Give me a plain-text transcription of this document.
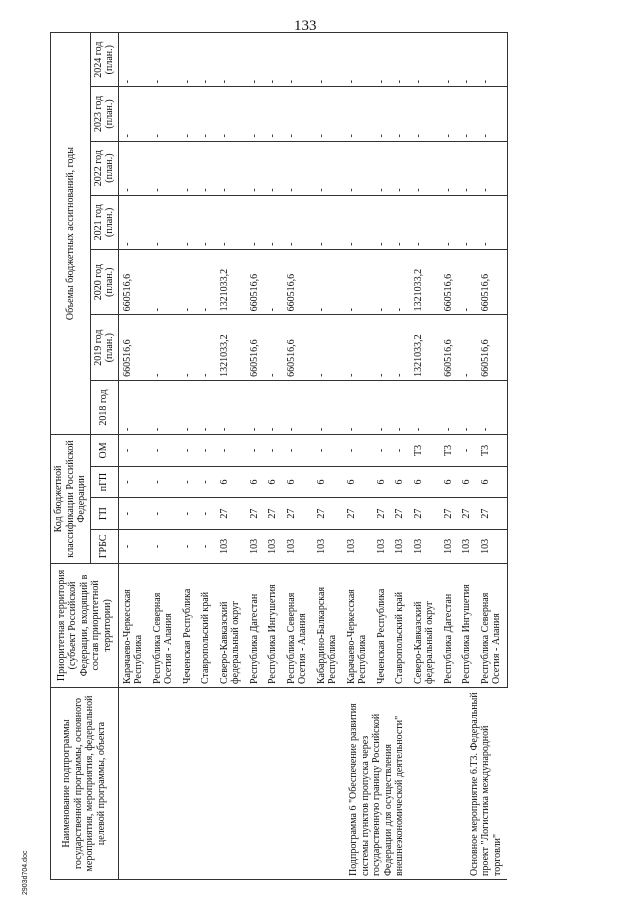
133
Наименование подпрограммы государственной программы, основного мероприятия, мероприятия, федеральной целевой программы, объекта	Приоритетная территория (субъект Российской Федерации, входящий в состав приоритетной территории)	Код бюджетной классификации Российской Федерации				Объемы бюджетных ассигнований, годы						
		ГРБС	ГП	пГП	ОМ	2018 год	2019 год (план.)	2020 год (план.)	2021 год (план.)	2022 год (план.)	2023 год (план.)	2024 год (план.)
	Карачаево-Черкесская Республика	-	-	-	-	-	660516,6	660516,6	-	-	-	-
	Республика Северная Осетия - Алания	-	-	-	-	-	-	-	-	-	-	-
	Чеченская Республика	-	-	-	-	-	-	-	-	-	-	-
	Ставропольский край	-	-	-	-	-	-	-	-	-	-	-
Подпрограмма 6 "Обеспечение развития системы пунктов пропуска через государственную границу Российской Федерации для осуществления внешнеэкономической деятельности"	Северо-Кавказский федеральный округ	103	27	6	-	-	1321033,2	1321033,2	-	-	-	-
	Республика Дагестан	103	27	6	-	-	660516,6	660516,6	-	-	-	-
	Республика Ингушетия	103	27	6	-	-	-	-	-	-	-	-
	Республика Северная Осетия - Алания	103	27	6	-	-	660516,6	660516,6	-	-	-	-
	Кабардино-Балкарская Республика	103	27	6	-	-	-	-	-	-	-	-
	Карачаево-Черкесская Республика	103	27	6	-	-	-	-	-	-	-	-
	Чеченская Республика	103	27	6	-	-	-	-	-	-	-	-
	Ставропольский край	103	27	6	-	-	-	-	-	-	-	-
Основное мероприятие 6.Т3. Федеральный проект "Логистика международной торговли"	Северо-Кавказский федеральный округ	103	27	6	Т3	-	1321033,2	1321033,2	-	-	-	-
	Республика Дагестан	103	27	6	Т3	-	660516,6	660516,6	-	-	-	-
	Республика Ингушетия	103	27	6	-	-	-	-	-	-	-	-
	Республика Северная Осетия - Алания	103	27	6	Т3	-	660516,6	660516,6	-	-	-	-
2903d704.doc
